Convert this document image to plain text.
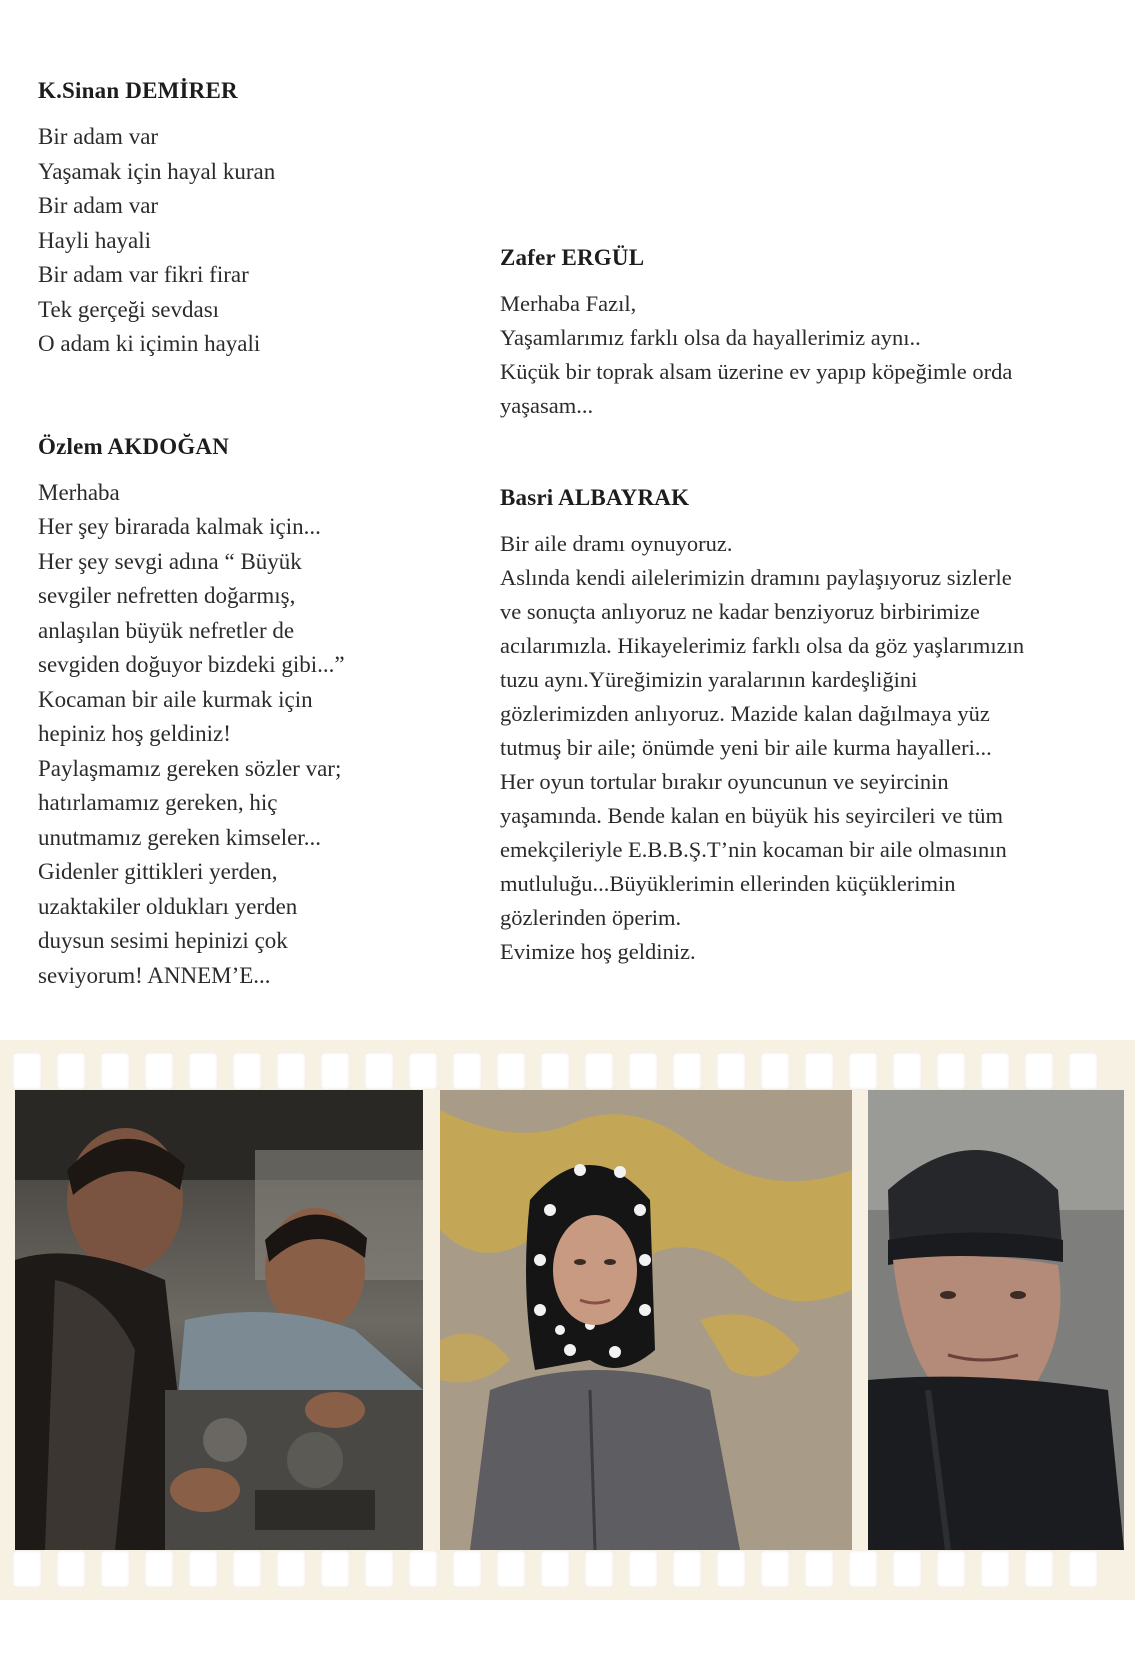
K.Sinan DEMİRER
Bir adam var
Yaşamak için hayal kuran
Bir adam var
Hayli hayali
Bir adam var fikri firar
Tek gerçeği sevdası
O adam ki içimin hayali
Özlem AKDOĞAN
Merhaba
Her şey birarada kalmak için...
Her şey sevgi adına “ Büyük
sevgiler nefretten doğarmış,
anlaşılan büyük nefretler de
sevgiden doğuyor bizdeki gibi...”
Kocaman bir aile kurmak için
hepiniz hoş geldiniz!
Paylaşmamız gereken sözler var;
hatırlamamız gereken, hiç
unutmamız gereken kimseler...
Gidenler gittikleri yerden,
uzaktakiler oldukları yerden
duysun sesimi hepinizi çok
seviyorum! ANNEM’E...
Zafer ERGÜL
Merhaba Fazıl,
Yaşamlarımız farklı olsa da hayallerimiz aynı..
Küçük bir toprak alsam üzerine ev yapıp köpeğimle orda
yaşasam...
Basri ALBAYRAK
Bir aile dramı oynuyoruz.
Aslında kendi ailelerimizin dramını paylaşıyoruz sizlerle
ve sonuçta anlıyoruz ne kadar benziyoruz birbirimize
acılarımızla. Hikayelerimiz farklı olsa da göz yaşlarımızın
tuzu aynı.Yüreğimizin yaralarının kardeşliğini
gözlerimizden anlıyoruz. Mazide kalan dağılmaya yüz
tutmuş bir aile; önümde yeni bir aile kurma hayalleri...
Her oyun tortular bırakır oyuncunun ve seyircinin
yaşamında. Bende kalan en büyük his seyircileri ve tüm
emekçileriyle E.B.B.Ş.T’nin kocaman bir aile olmasının
mutluluğu...Büyüklerimin ellerinden küçüklerimin
gözlerinden öperim.
Evimize hoş geldiniz.
